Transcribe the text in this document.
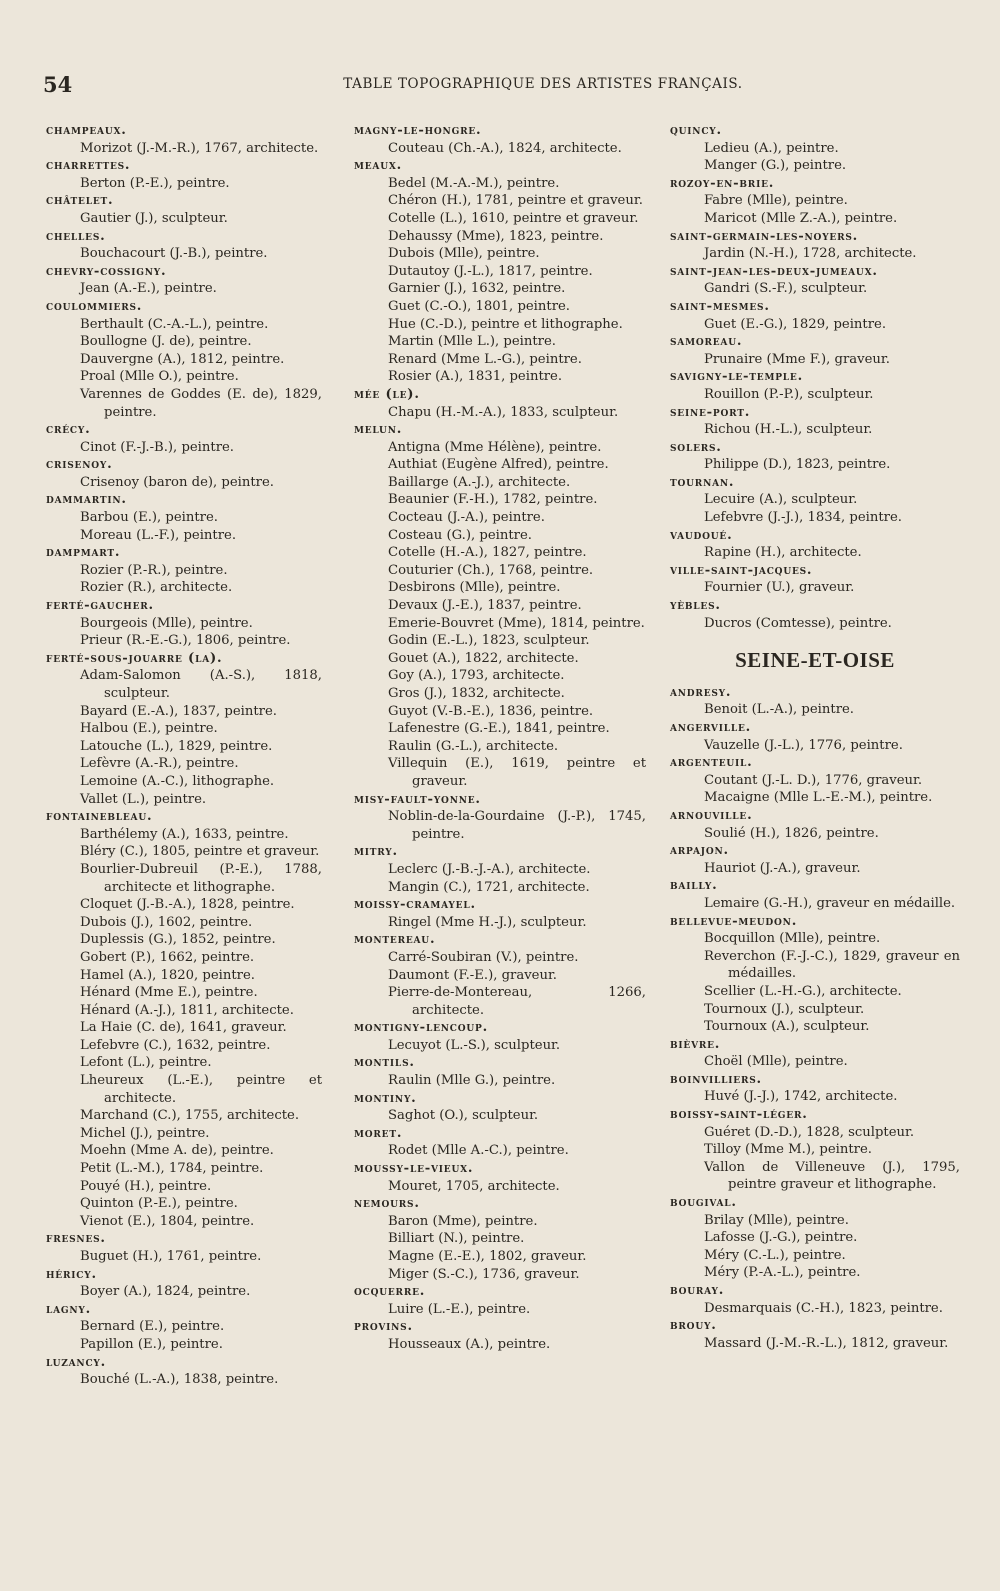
54	TABLE TOPOGRAPHIQUE DES ARTISTES FRANÇAIS.
champeaux.
Morizot (J.-M.-R.), 1767, architecte.
charrettes.
Berton (P.-E.), peintre.
châtelet.
Gautier (J.), sculpteur.
chelles.
Bouchacourt (J.-B.), peintre.
chevry-cossigny.
Jean (A.-E.), peintre.
coulommiers.
Berthault (C.-A.-L.), peintre.
Boullogne (J. de), peintre.
Dauvergne (A.), 1812, peintre.
Proal (Mlle O.), peintre.
Varennes de Goddes (E. de), 1829, peintre.
crécy.
Cinot (F.-J.-B.), peintre.
crisenoy.
Crisenoy (baron de), peintre.
dammartin.
Barbou (E.), peintre.
Moreau (L.-F.), peintre.
dampmart.
Rozier (P.-R.), peintre.
Rozier (R.), architecte.
ferté-gaucher.
Bourgeois (Mlle), peintre.
Prieur (R.-E.-G.), 1806, peintre.
ferté-sous-jouarre (la).
Adam-Salomon (A.-S.), 1818, sculpteur.
Bayard (E.-A.), 1837, peintre.
Halbou (E.), peintre.
Latouche (L.), 1829, peintre.
Lefèvre (A.-R.), peintre.
Lemoine (A.-C.), lithographe.
Vallet (L.), peintre.
fontainebleau.
Barthélemy (A.), 1633, peintre.
Bléry (C.), 1805, peintre et graveur.
Bourlier-Dubreuil (P.-E.), 1788, architecte et lithographe.
Cloquet (J.-B.-A.), 1828, peintre.
Dubois (J.), 1602, peintre.
Duplessis (G.), 1852, peintre.
Gobert (P.), 1662, peintre.
Hamel (A.), 1820, peintre.
Hénard (Mme E.), peintre.
Hénard (A.-J.), 1811, architecte.
La Haie (C. de), 1641, graveur.
Lefebvre (C.), 1632, peintre.
Lefont (L.), peintre.
Lheureux (L.-E.), peintre et architecte.
Marchand (C.), 1755, architecte.
Michel (J.), peintre.
Moehn (Mme A. de), peintre.
Petit (L.-M.), 1784, peintre.
Pouyé (H.), peintre.
Quinton (P.-E.), peintre.
Vienot (E.), 1804, peintre.
fresnes.
Buguet (H.), 1761, peintre.
héricy.
Boyer (A.), 1824, peintre.
lagny.
Bernard (E.), peintre.
Papillon (E.), peintre.
luzancy.
Bouché (L.-A.), 1838, peintre.
magny-le-hongre.
Couteau (Ch.-A.), 1824, architecte.
meaux.
Bedel (M.-A.-M.), peintre.
Chéron (H.), 1781, peintre et graveur.
Cotelle (L.), 1610, peintre et graveur.
Dehaussy (Mme), 1823, peintre.
Dubois (Mlle), peintre.
Dutautoy (J.-L.), 1817, peintre.
Garnier (J.), 1632, peintre.
Guet (C.-O.), 1801, peintre.
Hue (C.-D.), peintre et lithographe.
Martin (Mlle L.), peintre.
Renard (Mme L.-G.), peintre.
Rosier (A.), 1831, peintre.
mée (le).
Chapu (H.-M.-A.), 1833, sculpteur.
melun.
Antigna (Mme Hélène), peintre.
Authiat (Eugène Alfred), peintre.
Baillarge (A.-J.), architecte.
Beaunier (F.-H.), 1782, peintre.
Cocteau (J.-A.), peintre.
Costeau (G.), peintre.
Cotelle (H.-A.), 1827, peintre.
Couturier (Ch.), 1768, peintre.
Desbirons (Mlle), peintre.
Devaux (J.-E.), 1837, peintre.
Emerie-Bouvret (Mme), 1814, peintre.
Godin (E.-L.), 1823, sculpteur.
Gouet (A.), 1822, architecte.
Goy (A.), 1793, architecte.
Gros (J.), 1832, architecte.
Guyot (V.-B.-E.), 1836, peintre.
Lafenestre (G.-E.), 1841, peintre.
Raulin (G.-L.), architecte.
Villequin (E.), 1619, peintre et graveur.
misy-fault-yonne.
Noblin-de-la-Gourdaine (J.-P.), 1745, peintre.
mitry.
Leclerc (J.-B.-J.-A.), architecte.
Mangin (C.), 1721, architecte.
moissy-cramayel.
Ringel (Mme H.-J.), sculpteur.
montereau.
Carré-Soubiran (V.), peintre.
Daumont (F.-E.), graveur.
Pierre-de-Montereau, 1266, architecte.
montigny-lencoup.
Lecuyot (L.-S.), sculpteur.
montils.
Raulin (Mlle G.), peintre.
montiny.
Saghot (O.), sculpteur.
moret.
Rodet (Mlle A.-C.), peintre.
moussy-le-vieux.
Mouret, 1705, architecte.
nemours.
Baron (Mme), peintre.
Billiart (N.), peintre.
Magne (E.-E.), 1802, graveur.
Miger (S.-C.), 1736, graveur.
ocquerre.
Luire (L.-E.), peintre.
provins.
Housseaux (A.), peintre.
quincy.
Ledieu (A.), peintre.
Manger (G.), peintre.
rozoy-en-brie.
Fabre (Mlle), peintre.
Maricot (Mlle Z.-A.), peintre.
saint-germain-les-noyers.
Jardin (N.-H.), 1728, architecte.
saint-jean-les-deux-jumeaux.
Gandri (S.-F.), sculpteur.
saint-mesmes.
Guet (E.-G.), 1829, peintre.
samoreau.
Prunaire (Mme F.), graveur.
savigny-le-temple.
Rouillon (P.-P.), sculpteur.
seine-port.
Richou (H.-L.), sculpteur.
solers.
Philippe (D.), 1823, peintre.
tournan.
Lecuire (A.), sculpteur.
Lefebvre (J.-J.), 1834, peintre.
vaudoué.
Rapine (H.), architecte.
ville-saint-jacques.
Fournier (U.), graveur.
yèbles.
Ducros (Comtesse), peintre.
SEINE-ET-OISE
andresy.
Benoit (L.-A.), peintre.
angerville.
Vauzelle (J.-L.), 1776, peintre.
argenteuil.
Coutant (J.-L. D.), 1776, graveur.
Macaigne (Mlle L.-E.-M.), peintre.
arnouville.
Soulié (H.), 1826, peintre.
arpajon.
Hauriot (J.-A.), graveur.
bailly.
Lemaire (G.-H.), graveur en médaille.
bellevue-meudon.
Bocquillon (Mlle), peintre.
Reverchon (F.-J.-C.), 1829, graveur en médailles.
Scellier (L.-H.-G.), architecte.
Tournoux (J.), sculpteur.
Tournoux (A.), sculpteur.
bièvre.
Choël (Mlle), peintre.
boinvilliers.
Huvé (J.-J.), 1742, architecte.
boissy-saint-léger.
Guéret (D.-D.), 1828, sculpteur.
Tilloy (Mme M.), peintre.
Vallon de Villeneuve (J.), 1795, peintre graveur et lithographe.
bougival.
Brilay (Mlle), peintre.
Lafosse (J.-G.), peintre.
Méry (C.-L.), peintre.
Méry (P.-A.-L.), peintre.
bouray.
Desmarquais (C.-H.), 1823, peintre.
brouy.
Massard (J.-M.-R.-L.), 1812, graveur.
